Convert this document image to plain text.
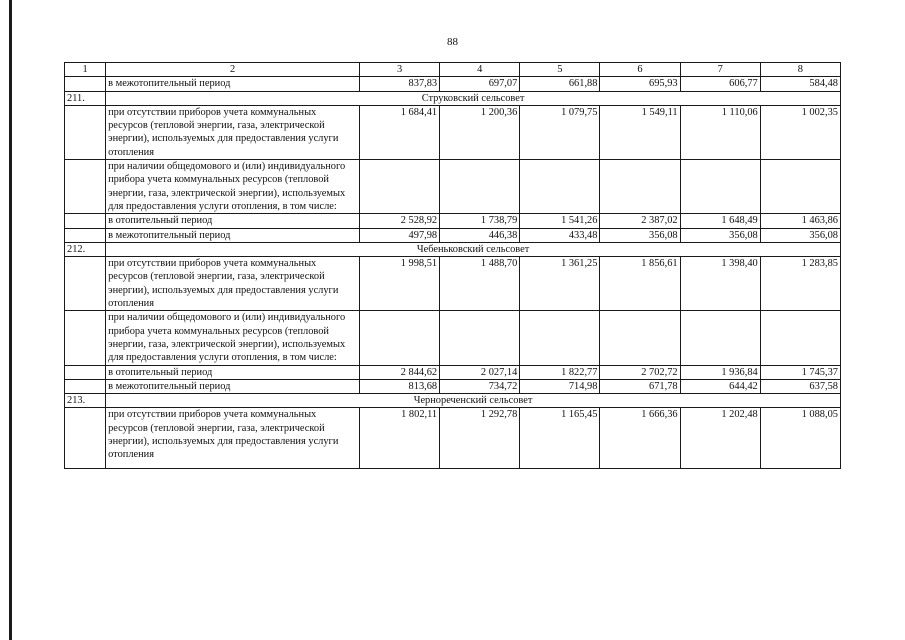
88
1	2	3	4	5	6	7	8
	в межотопительный период	837,83	697,07	661,88	695,93	606,77	584,48
211.	Струковский сельсовет						
	при отсутствии приборов учета коммунальных ресурсов (тепловой энергии, газа, электрической энергии), используемых для предоставления услуги отопления	1 684,41	1 200,36	1 079,75	1 549,11	1 110,06	1 002,35
	при наличии общедомового и (или) индивидуального прибора учета коммунальных ресурсов (тепловой энергии, газа, электрической энергии), используемых для предоставления услуги отопления, в том числе:						
	в отопительный период	2 528,92	1 738,79	1 541,26	2 387,02	1 648,49	1 463,86
	в межотопительный период	497,98	446,38	433,48	356,08	356,08	356,08
212.	Чебеньковский сельсовет						
	при отсутствии приборов учета коммунальных ресурсов (тепловой энергии, газа, электрической энергии), используемых для предоставления услуги отопления	1 998,51	1 488,70	1 361,25	1 856,61	1 398,40	1 283,85
	при наличии общедомового и (или) индивидуального прибора учета коммунальных ресурсов (тепловой энергии, газа, электрической энергии), используемых для предоставления услуги отопления, в том числе:						
	в отопительный период	2 844,62	2 027,14	1 822,77	2 702,72	1 936,84	1 745,37
	в межотопительный период	813,68	734,72	714,98	671,78	644,42	637,58
213.	Чернореченский сельсовет						
	при отсутствии приборов учета коммунальных ресурсов (тепловой энергии, газа, электрической энергии), используемых для предоставления услуги отопления	1 802,11	1 292,78	1 165,45	1 666,36	1 202,48	1 088,05
